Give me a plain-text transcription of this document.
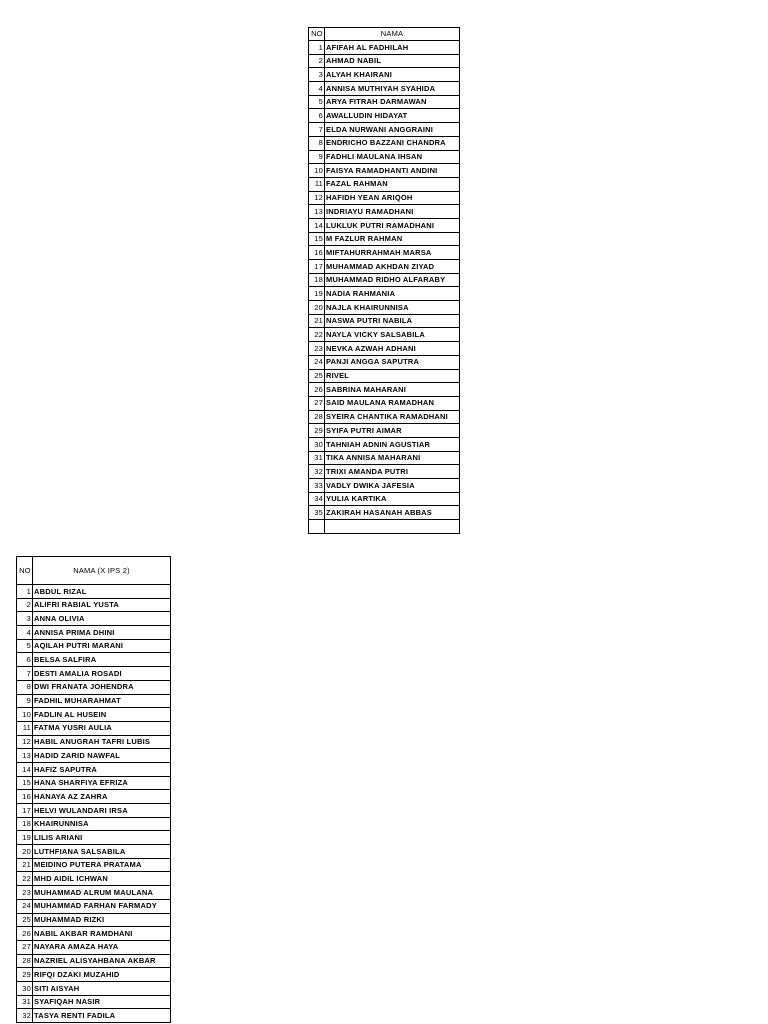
NO	NAMA
1	AFIFAH AL FADHILAH
2	AHMAD NABIL
3	ALYAH KHAIRANI
4	ANNISA MUTHIYAH SYAHIDA
5	ARYA FITRAH DARMAWAN
6	AWALLUDIN HIDAYAT
7	ELDA NURWANI ANGGRAINI
8	ENDRICHO BAZZANI CHANDRA
9	FADHLI MAULANA IHSAN
10	FAISYA RAMADHANTI ANDINI
11	FAZAL RAHMAN
12	HAFIDH YEAN ARIQOH
13	INDRIAYU RAMADHANI
14	LUKLUK PUTRI RAMADHANI
15	M FAZLUR RAHMAN
16	MIFTAHURRAHMAH MARSA
17	MUHAMMAD AKHDAN ZIYAD
18	MUHAMMAD RIDHO ALFARABY
19	NADIA RAHMANIA
20	NAJLA KHAIRUNNISA
21	NASWA PUTRI NABILA
22	NAYLA VICKY SALSABILA
23	NEVKA AZWAH ADHANI
24	PANJI ANGGA SAPUTRA
25	RIVEL
26	SABRINA MAHARANI
27	SAID MAULANA RAMADHAN
28	SYEIRA CHANTIKA RAMADHANI
29	SYIFA PUTRI AIMAR
30	TAHNIAH ADNIN AGUSTIAR
31	TIKA ANNISA MAHARANI
32	TRIXI AMANDA PUTRI
33	VADLY DWIKA JAFESIA
34	YULIA KARTIKA
35	ZAKIRAH HASANAH ABBAS

NO	NAMA (X IPS 2)
1	ABDUL RIZAL
2	ALIFRI RABIAL YUSTA
3	ANNA OLIVIA
4	ANNISA PRIMA DHINI
5	AQILAH PUTRI MARANI
6	BELSA SALFIRA
7	DESTI AMALIA ROSADI
8	DWI FRANATA JOHENDRA
9	FADHIL MUHARAHMAT
10	FADLIN AL HUSEIN
11	FATMA YUSRI AULIA
12	HABIL ANUGRAH TAFRI LUBIS
13	HADID ZARID NAWFAL
14	HAFIZ SAPUTRA
15	HANA SHARFIYA EFRIZA
16	HANAYA AZ ZAHRA
17	HELVI WULANDARI IRSA
18	KHAIRUNNISA
19	LILIS ARIANI
20	LUTHFIANA SALSABILA
21	MEIDINO PUTERA PRATAMA
22	MHD AIDIL ICHWAN
23	MUHAMMAD ALRUM MAULANA
24	MUHAMMAD FARHAN FARMADY
25	MUHAMMAD RIZKI
26	NABIL AKBAR RAMDHANI
27	NAYARA AMAZA HAYA
28	NAZRIEL ALISYAHBANA AKBAR
29	RIFQI DZAKI MUZAHID
30	SITI AISYAH
31	SYAFIQAH NASIR
32	TASYA RENTI FADILA
